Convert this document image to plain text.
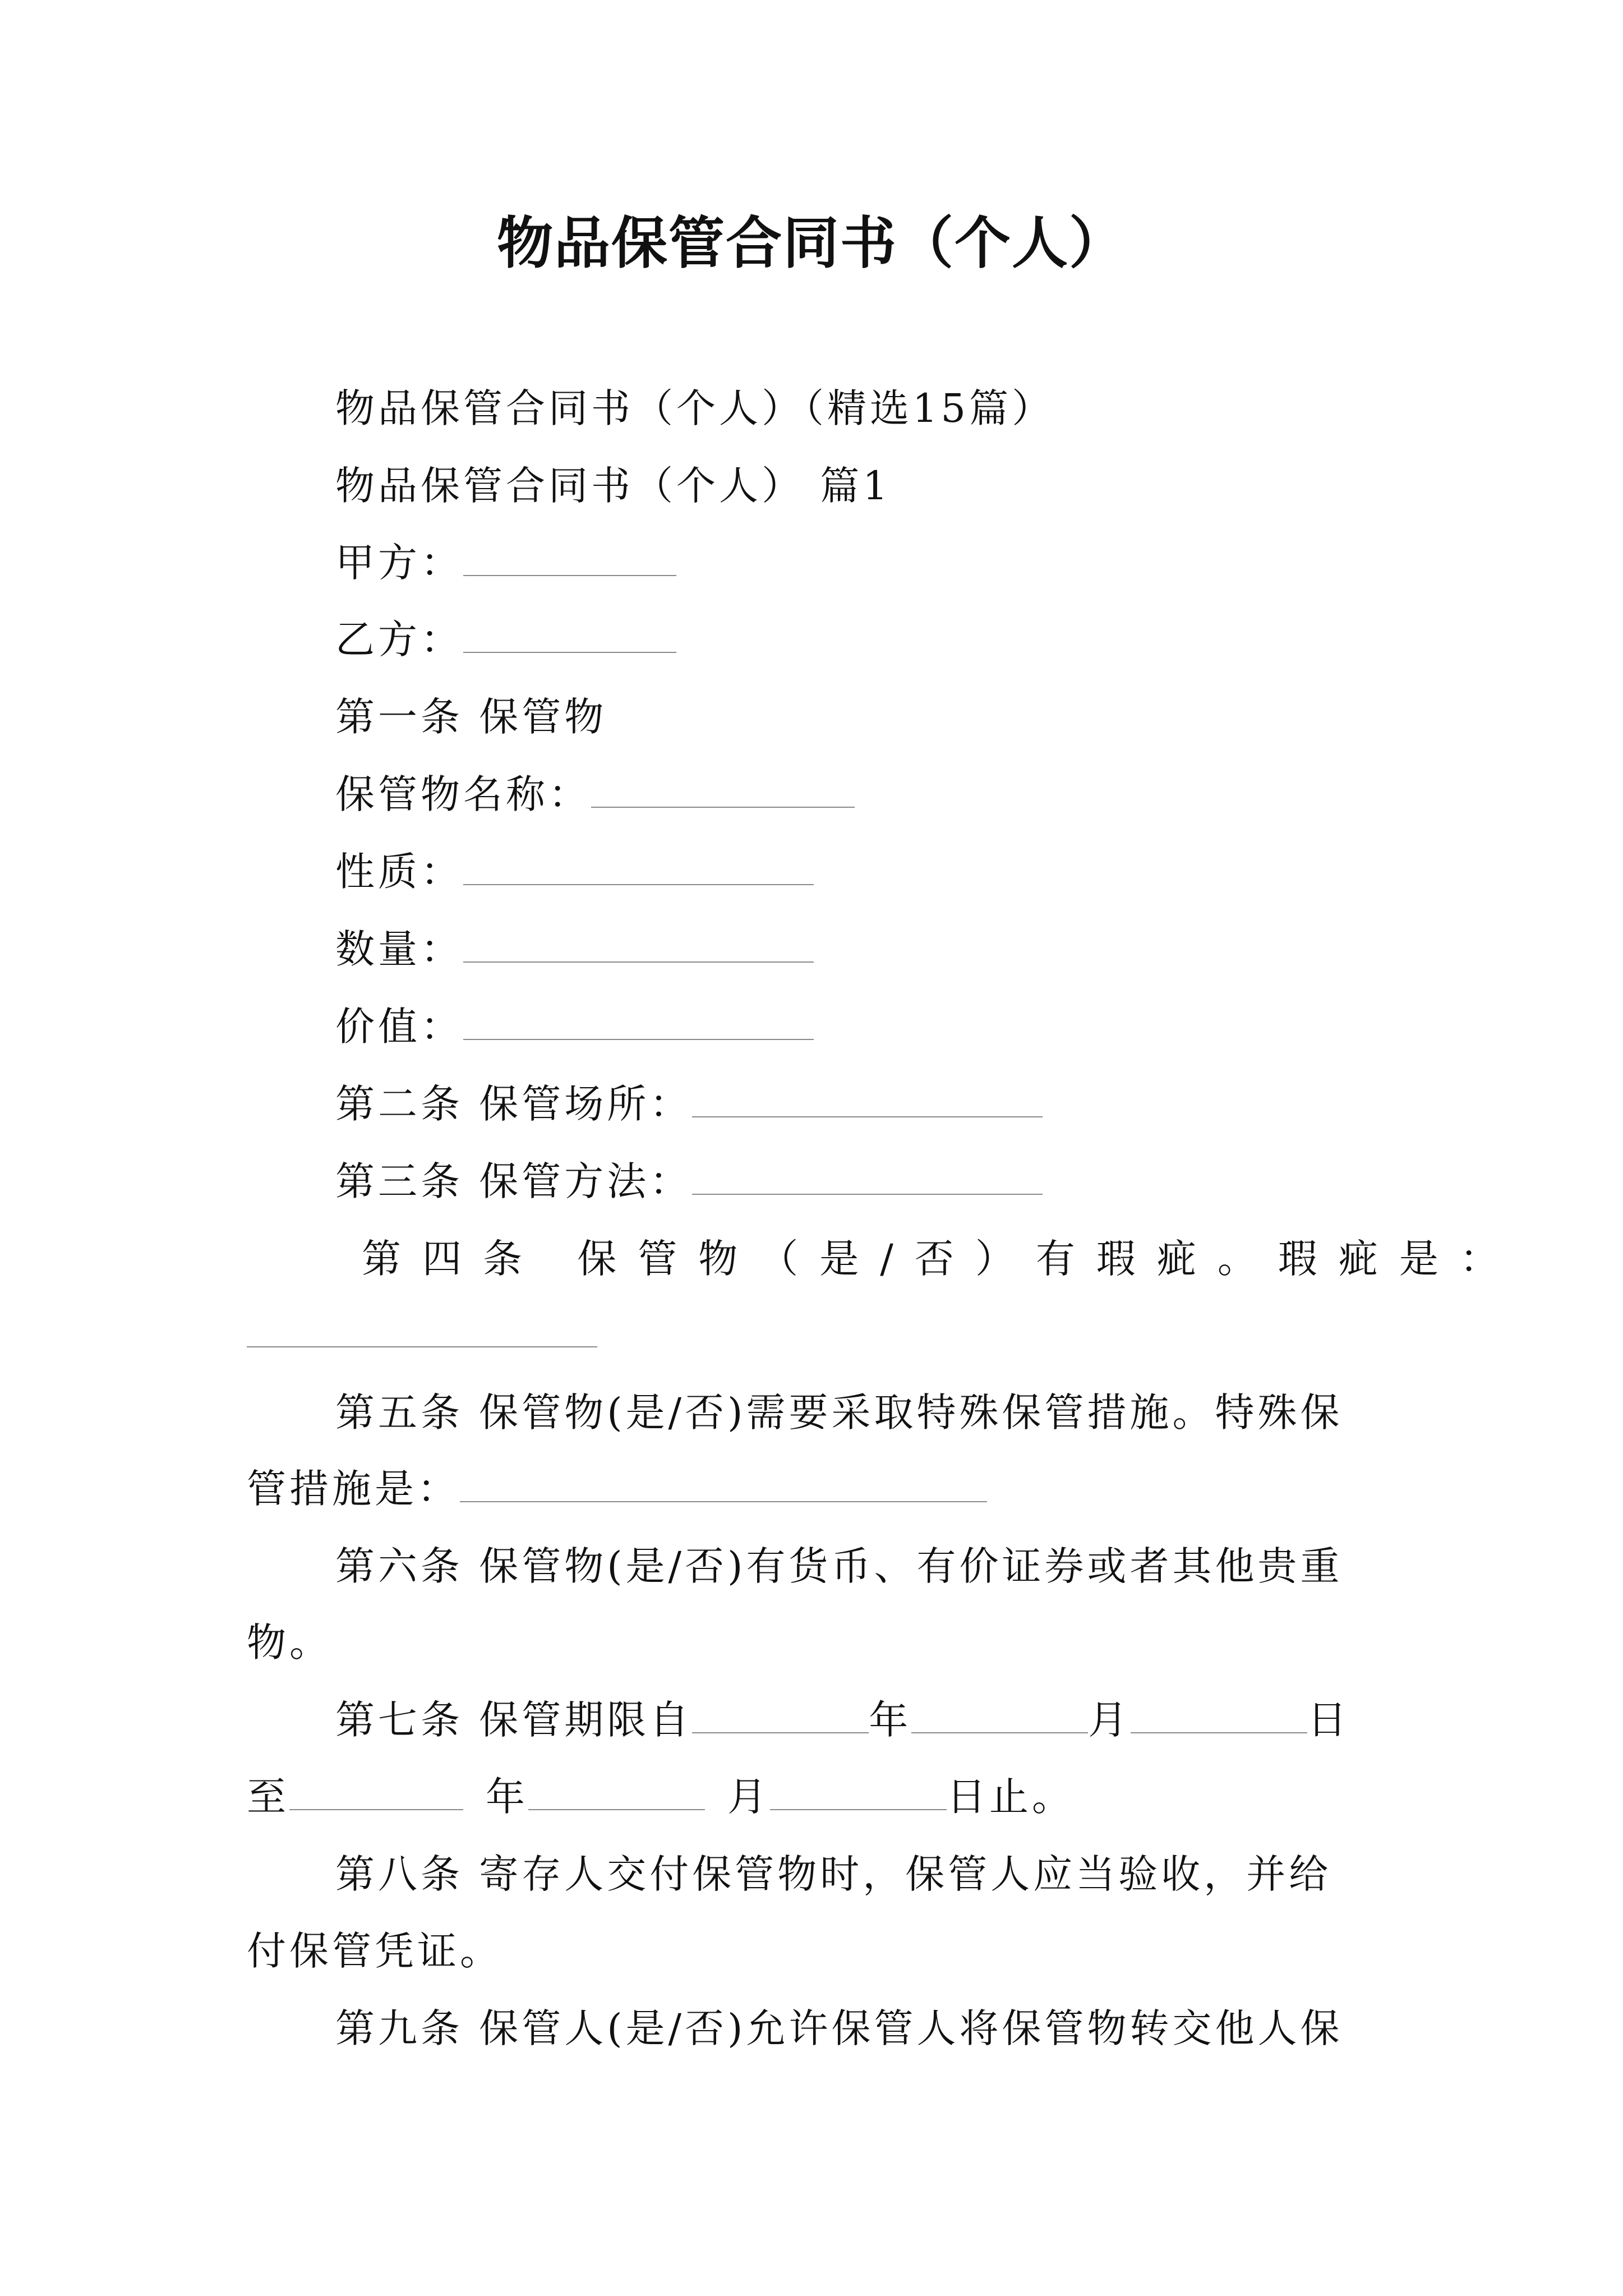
物品保管合同书（个人）
物品保管合同书（个人）（精选15篇）
物品保管合同书（个人） 篇1
甲方：
乙方：
第一条 保管物
保管物名称：
性质：
数量：
价值：
第二条 保管场所：
第三条 保管方法：
第四条 保管物（是/否）有瑕疵。瑕疵是：
第五条 保管物(是/否)需要采取特殊保管措施。特殊保
管措施是：
第六条 保管物(是/否)有货币、有价证券或者其他贵重
物。
第七条 保管期限自	年	月	日
至	年	月	日止。
第八条 寄存人交付保管物时，保管人应当验收，并给
付保管凭证。
第九条 保管人(是/否)允许保管人将保管物转交他人保
